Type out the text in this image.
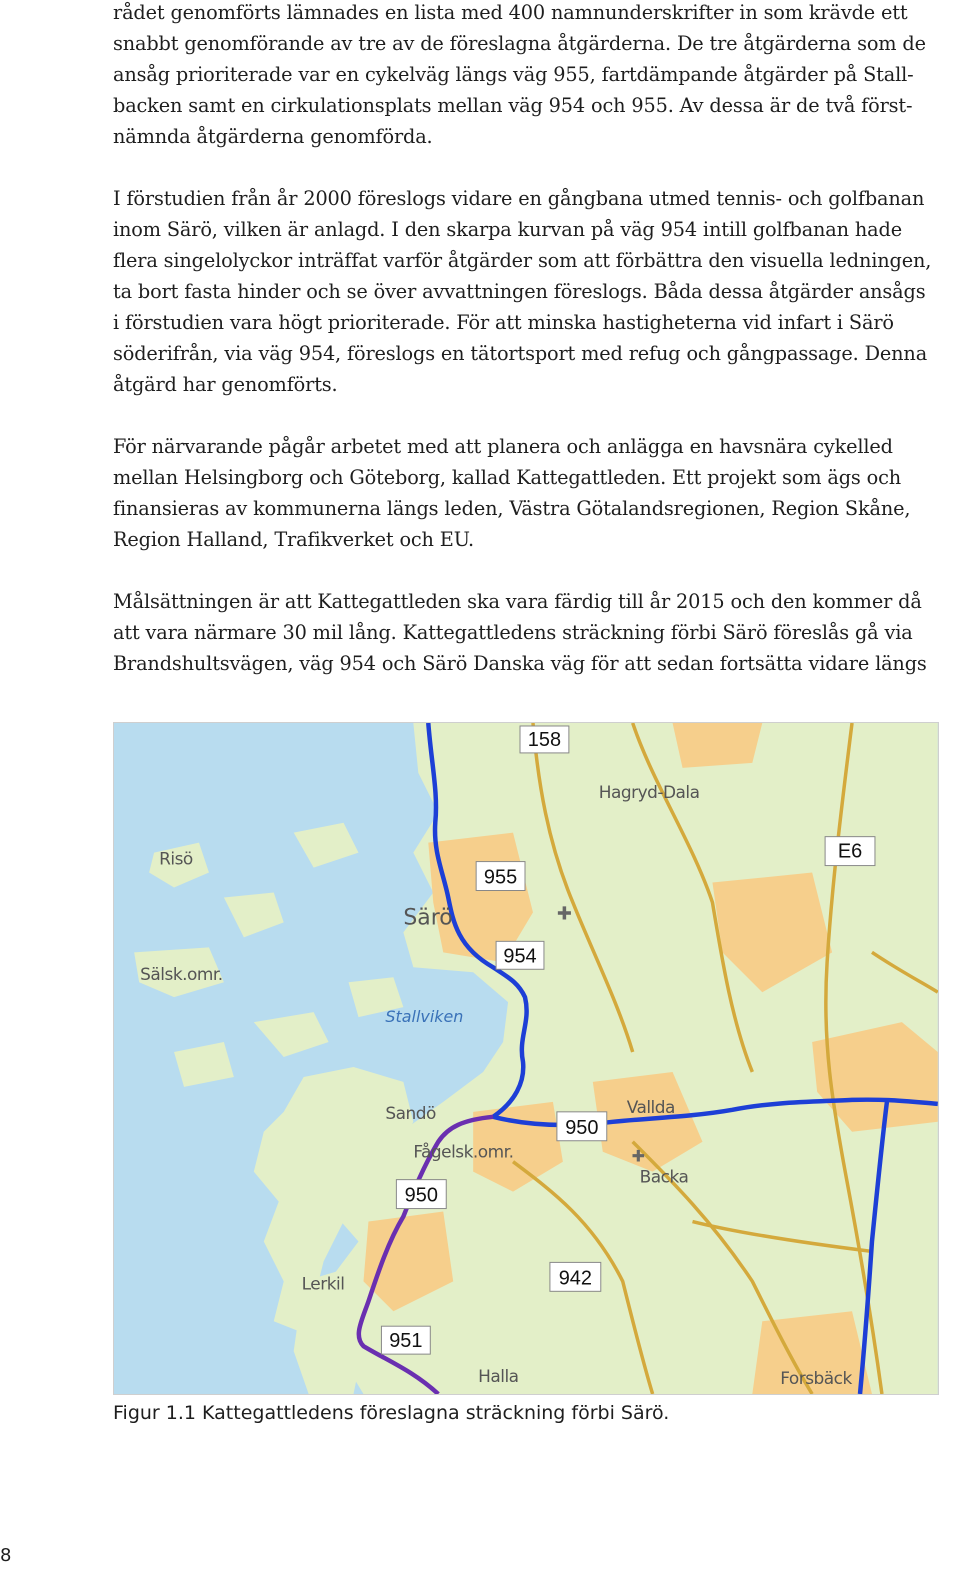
rådet genomförts lämnades en lista med 400 namnunderskrifter in som krävde ett
snabbt genomförande av tre av de föreslagna åtgärderna. De tre åtgärderna som de
ansåg prioriterade var en cykelväg längs väg 955, fartdämpande åtgärder på Stall-
backen samt en cirkulationsplats mellan väg 954 och 955. Av dessa är de två först-
nämnda åtgärderna genomförda.

I förstudien från år 2000 föreslogs vidare en gångbana utmed tennis- och golfbanan
inom Särö, vilken är anlagd. I den skarpa kurvan på väg 954 intill golfbanan hade
flera singelolyckor inträffat varför åtgärder som att förbättra den visuella ledningen,
ta bort fasta hinder och se över avvattningen föreslogs. Båda dessa åtgärder ansågs
i förstudien vara högt prioriterade. För att minska hastigheterna vid infart i Särö
söderifrån, via väg 954, föreslogs en tätortsport med refug och gångpassage. Denna
åtgärd har genomförts.

För närvarande pågår arbetet med att planera och anlägga en havsnära cykelled
mellan Helsingborg och Göteborg, kallad Kattegattleden. Ett projekt som ägs och
finansieras av kommunerna längs leden, Västra Götalandsregionen, Region Skåne,
Region Halland, Trafikverket och EU.

Målsättningen är att Kattegattleden ska vara färdig till år 2015 och den kommer då
att vara närmare 30 mil lång. Kattegattledens sträckning förbi Särö föreslås gå via
Brandshultsvägen, väg 954 och Särö Danska väg för att sedan fortsätta vidare längs

Hagryd-Dala
Risö
Särö
Sälsk.omr.
Stallviken
Sandö	Vallda
Fågelsk.omr.
Backa
Lerkil
Halla	Forsbäck
✚
✚
158
E6
955
954
950
950
942
951
Figur 1.1 Kattegattledens föreslagna sträckning förbi Särö.
8
